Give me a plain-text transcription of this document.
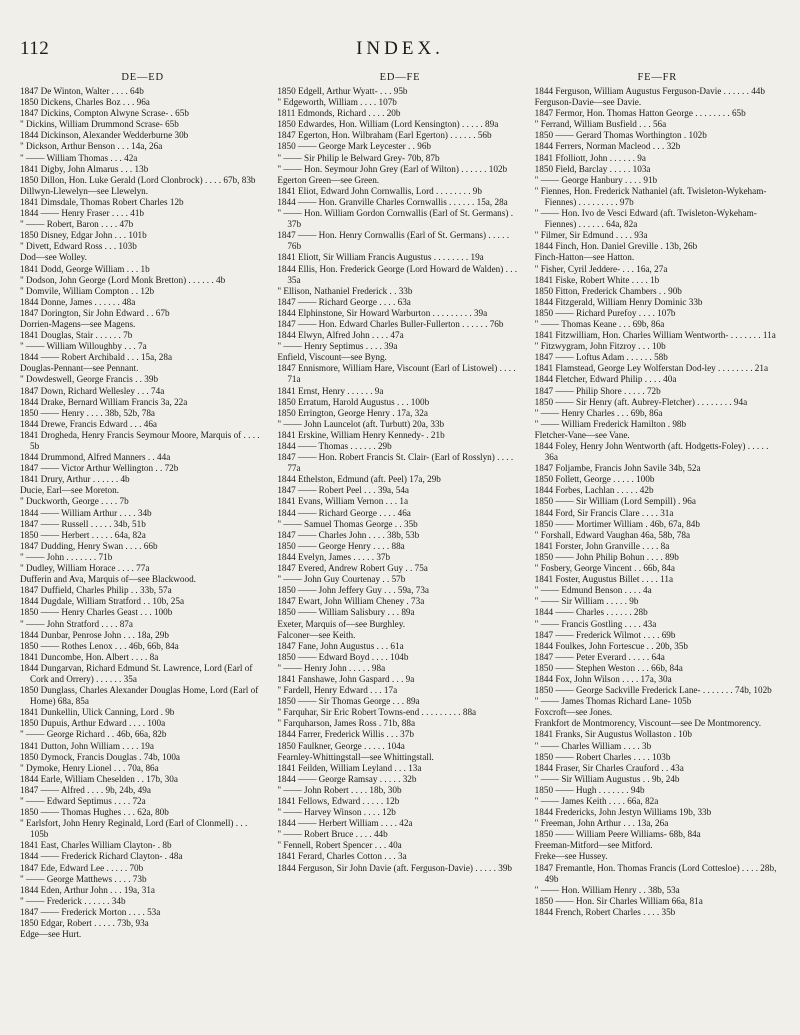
112	INDEX.
DE—ED
1847 De Winton, Walter . . . . 64b
1850 Dickens, Charles Boz . . . 96a
1847 Dickins, Compton Alwyne Scrase- . 65b
" Dickins, William Drummond Scrase- 65b
1844 Dickinson, Alexander Wedderburne 30b
" Dickson, Arthur Benson . . . 14a, 26a
" —— William Thomas . . . 42a
1841 Digby, John Almarus . . . 13b
1850 Dillon, Hon. Luke Gerald (Lord Clonbrock) . . . . 67b, 83b
Dillwyn-Llewelyn—see Llewelyn.
1841 Dimsdale, Thomas Robert Charles 12b
1844 —— Henry Fraser . . . . 41b
" —— Robert, Baron . . . . 47b
1850 Disney, Edgar John . . . 101b
" Divett, Edward Ross . . . 103b
Dod—see Wolley.
1841 Dodd, George William . . . 1b
" Dodson, John George (Lord Monk Bretton) . . . . . . 4b
" Domvile, William Compton . . 12b
1844 Donne, James . . . . . . 48a
1847 Dorington, Sir John Edward . . 67b
Dorrien-Magens—see Magens.
1841 Douglas, Stair . . . . . . 7b
" —— William Willoughby . . . 7a
1844 —— Robert Archibald . . . 15a, 28a
Douglas-Pennant—see Pennant.
" Dowdeswell, George Francis . . 39b
1847 Down, Richard Wellesley . . . 74a
1844 Drake, Bernard William Francis 3a, 22a
1850 —— Henry . . . . 38b, 52b, 78a
1844 Drewe, Francis Edward . . . 46a
1841 Drogheda, Henry Francis Seymour Moore, Marquis of . . . . 5b
1844 Drummond, Alfred Manners . . 44a
1847 —— Victor Arthur Wellington . . 72b
1841 Drury, Arthur . . . . . . 4b
Ducie, Earl—see Moreton.
" Duckworth, George . . . . 7b
1844 —— William Arthur . . . . 34b
1847 —— Russell . . . . . 34b, 51b
1850 —— Herbert . . . . . 64a, 82a
1847 Dudding, Henry Swan . . . . 66b
" —— John . . . . . . . 71b
" Dudley, William Horace . . . . 77a
Dufferin and Ava, Marquis of—see Blackwood.
1847 Duffield, Charles Philip . . 33b, 57a
1844 Dugdale, William Stratford . . 10b, 25a
1850 —— Henry Charles Geast . . . 100b
" —— John Stratford . . . . 87a
1844 Dunbar, Penrose John . . . 18a, 29b
1850 —— Rothes Lenox . . . 46b, 66b, 84a
1841 Duncombe, Hon. Albert . . . . 8a
1844 Dungarvan, Richard Edmund St. Lawrence, Lord (Earl of Cork and Orrery) . . . . . . 35a
1850 Dunglass, Charles Alexander Douglas Home, Lord (Earl of Home) 68a, 85a
1841 Dunkellin, Ulick Canning, Lord . 9b
1850 Dupuis, Arthur Edward . . . . 100a
" —— George Richard . . 46b, 66a, 82b
1841 Dutton, John William . . . . 19a
1850 Dymock, Francis Douglas . 74b, 100a
" Dymoke, Henry Lionel . . . 70a, 86a
1844 Earle, William Cheselden . . 17b, 30a
1847 —— Alfred . . . . 9b, 24b, 49a
" —— Edward Septimus . . . . 72a
1850 —— Thomas Hughes . . . 62a, 80b
" Earlsfort, John Henry Reginald, Lord (Earl of Clonmell) . . . 105b
1841 East, Charles William Clayton- . 8b
1844 —— Frederick Richard Clayton- . 48a
1847 Ede, Edward Lee . . . . . 70b
" —— George Matthews . . . . 73b
1844 Eden, Arthur John . . . 19a, 31a
" —— Frederick . . . . . . 34b
1847 —— Frederick Morton . . . . 53a
1850 Edgar, Robert . . . . . 73b, 93a
Edge—see Hurt.
ED—FE
1850 Edgell, Arthur Wyatt- . . . 95b
" Edgeworth, William . . . . 107b
1811 Edmonds, Richard . . . . 20b
1850 Edwardes, Hon. William (Lord Kensington) . . . . . 89a
1847 Egerton, Hon. Wilbraham (Earl Egerton) . . . . . . 56b
1850 —— George Mark Leycester . . 96b
" —— Sir Philip le Belward Grey- 70b, 87b
" —— Hon. Seymour John Grey (Earl of Wilton) . . . . . . 102b
Egerton Green—see Green.
1841 Eliot, Edward John Cornwallis, Lord . . . . . . . . 9b
1844 —— Hon. Granville Charles Cornwallis . . . . . . 15a, 28a
" —— Hon. William Gordon Cornwallis (Earl of St. Germans) . 37b
1847 —— Hon. Henry Cornwallis (Earl of St. Germans) . . . . . 76b
1841 Eliott, Sir William Francis Augustus . . . . . . . . 19a
1844 Ellis, Hon. Frederick George (Lord Howard de Walden) . . . 35a
" Ellison, Nathaniel Frederick . . 33b
1847 —— Richard George . . . . 63a
1844 Elphinstone, Sir Howard Warburton . . . . . . . . . 39a
1847 —— Hon. Edward Charles Buller-Fullerton . . . . . . 76b
1844 Elwyn, Alfred John . . . . 47a
" —— Henry Septimus . . . . 39a
Enfield, Viscount—see Byng.
1847 Ennismore, William Hare, Viscount (Earl of Listowel) . . . . 71a
1841 Ernst, Henry . . . . . . 9a
1850 Erratum, Harold Augustus . . . 100b
1850 Errington, George Henry . 17a, 32a
" —— John Launcelot (aft. Turbutt) 20a, 33b
1841 Erskine, William Henry Kennedy- . 21b
1844 —— Thomas . . . . . . 29b
1847 —— Hon. Robert Francis St. Clair- (Earl of Rosslyn) . . . . 77a
1844 Ethelston, Edmund (aft. Peel) 17a, 29b
1847 —— Robert Peel . . . 39a, 54a
1841 Evans, William Vernon . . . 1a
1844 —— Richard George . . . . 46a
" —— Samuel Thomas George . . 35b
1847 —— Charles John . . . . 38b, 53b
1850 —— George Henry . . . . 88a
1844 Evelyn, James . . . . . 37b
1847 Evered, Andrew Robert Guy . . 75a
" —— John Guy Courtenay . . 57b
1850 —— John Jeffery Guy . . . 59a, 73a
1847 Ewart, John William Cheney . 73a
1850 —— William Salisbury . . . 89a
Exeter, Marquis of—see Burghley.
Falconer—see Keith.
1847 Fane, John Augustus . . . 61a
1850 —— Edward Boyd . . . . 104b
" —— Henry John . . . . . 98a
1841 Fanshawe, John Gaspard . . . 9a
" Fardell, Henry Edward . . . 17a
1850 —— Sir Thomas George . . . 89a
" Farquhar, Sir Eric Robert Towns-end . . . . . . . . . 88a
" Farquharson, James Ross . 71b, 88a
1844 Farrer, Frederick Willis . . . 37b
1850 Faulkner, George . . . . . 104a
Fearnley-Whittingstall—see Whittingstall.
1841 Feilden, William Leyland . . . 13a
1844 —— George Ramsay . . . . . 32b
" —— John Robert . . . . 18b, 30b
1841 Fellows, Edward . . . . . 12b
" —— Harvey Winson . . . . 12b
1844 —— Herbert William . . . . 42a
" —— Robert Bruce . . . . 44b
" Fennell, Robert Spencer . . . 40a
1841 Ferard, Charles Cotton . . . 3a
1844 Ferguson, Sir John Davie (aft. Ferguson-Davie) . . . . . 39b
FE—FR
1844 Ferguson, William Augustus Ferguson-Davie . . . . . . 44b
Ferguson-Davie—see Davie.
1847 Fermor, Hon. Thomas Hatton George . . . . . . . . 65b
" Ferrand, William Busfield . . . 56a
1850 —— Gerard Thomas Worthington . 102b
1844 Ferrers, Norman Macleod . . . 32b
1841 Ffolliott, John . . . . . . 9a
1850 Field, Barclay . . . . . 103a
" —— George Hanbury . . . . 91b
" Fiennes, Hon. Frederick Nathaniel (aft. Twisleton-Wykeham-Fiennes) . . . . . . . . . 97b
" —— Hon. Ivo de Vesci Edward (aft. Twisleton-Wykeham-Fiennes) . . . . . . 64a, 82a
" Filmer, Sir Edmund . . . . 93a
1844 Finch, Hon. Daniel Greville . 13b, 26b
Finch-Hatton—see Hatton.
" Fisher, Cyril Jeddere- . . . 16a, 27a
1841 Fiske, Robert White . . . . 1b
1850 Fitton, Frederick Chambers . . 90b
1844 Fitzgerald, William Henry Dominic 33b
1850 —— Richard Purefoy . . . . 107b
" —— Thomas Keane . . . 69b, 86a
1841 Fitzwilliam, Hon. Charles William Wentworth- . . . . . . . 11a
" Fitzwygram, John Fitzroy . . . 10b
1847 —— Loftus Adam . . . . . . 58b
1841 Flamstead, George Ley Wolferstan Dod-ley . . . . . . . . 21a
1844 Fletcher, Edward Philip . . . . 40a
1847 —— Philip Shore . . . . . 72b
1850 —— Sir Henry (aft. Aubrey-Fletcher) . . . . . . . . 94a
" —— Henry Charles . . . 69b, 86a
" —— William Frederick Hamilton . 98b
Fletcher-Vane—see Vane.
1844 Foley, Henry John Wentworth (aft. Hodgetts-Foley) . . . . . 36a
1847 Foljambe, Francis John Savile 34b, 52a
1850 Follett, George . . . . . 100b
1844 Forbes, Lachlan . . . . . 42b
1850 —— Sir William (Lord Sempill) . 96a
1844 Ford, Sir Francis Clare . . . . 31a
1850 —— Mortimer William . 46b, 67a, 84b
" Forshall, Edward Vaughan 46a, 58b, 78a
1841 Forster, John Granville . . . . 8a
1850 —— John Philip Bohun . . . . 89b
" Fosbery, George Vincent . . 66b, 84a
1841 Foster, Augustus Billet . . . . 11a
" —— Edmund Benson . . . . 4a
" —— Sir William . . . . . 9b
1844 —— Charles . . . . . . 28b
" —— Francis Gostling . . . . 43a
1847 —— Frederick Wilmot . . . . 69b
1844 Foulkes, John Fortescue . . 20b, 35b
1847 —— Peter Everard . . . . . 64a
1850 —— Stephen Weston . . . 66b, 84a
1844 Fox, John Wilson . . . . 17a, 30a
1850 —— George Sackville Frederick Lane- . . . . . . . 74b, 102b
" —— James Thomas Richard Lane- 105b
Foxcroft—see Jones.
Frankfort de Montmorency, Viscount—see De Montmorency.
1841 Franks, Sir Augustus Wollaston . 10b
" —— Charles William . . . . 3b
1850 —— Robert Charles . . . . 103b
1844 Fraser, Sir Charles Crauford . . 43a
" —— Sir William Augustus . . 9b, 24b
1850 —— Hugh . . . . . . . 94b
" —— James Keith . . . . 66a, 82a
1844 Fredericks, John Jestyn Williams 19b, 33b
" Freeman, John Arthur . . . 13a, 26a
1850 —— William Peere Williams- 68b, 84a
Freeman-Mitford—see Mitford.
Freke—see Hussey.
1847 Fremantle, Hon. Thomas Francis (Lord Cottesloe) . . . . 28b, 49b
" —— Hon. William Henry . . 38b, 53a
1850 —— Hon. Sir Charles William 66a, 81a
1844 French, Robert Charles . . . . 35b
